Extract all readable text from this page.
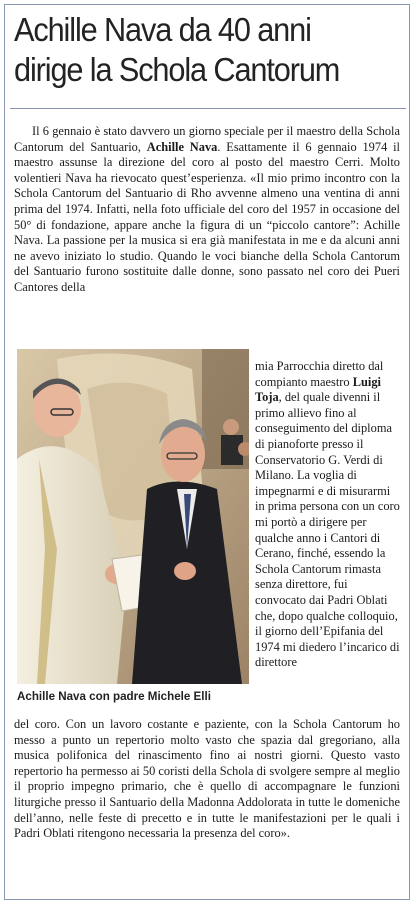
Achille Nava da 40 anni
dirige la Schola Cantorum

Il 6 gennaio è stato davvero un giorno speciale per il maestro della Schola Cantorum del Santuario, Achille Nava. Esattamente il 6 gennaio 1974 il maestro assunse la direzione del coro al posto del maestro Cerri. Molto volentieri Nava ha rievocato quest’esperienza. «Il mio primo incontro con la Schola Cantorum del Santuario di Rho avvenne almeno una ventina di anni prima del 1974. Infatti, nella foto ufficiale del coro del 1957 in occasione del 50° di fondazione, appare anche la figura di un “piccolo cantore”: Achille Nava. La passione per la musica si era già manifestata in me e da alcuni anni ne avevo iniziato lo studio. Quando le voci bianche della Schola Cantorum del Santuario furono sostituite dalle donne, sono passato nel coro dei Pueri Cantores della

Achille Nava con padre Michele Elli

mia Parrocchia diretto dal compianto maestro Luigi Toja, del quale divenni il primo allievo fino al conseguimento del diploma di pianoforte presso il Conservatorio G. Verdi di Milano. La voglia di impegnarmi e di misurarmi in prima persona con un coro mi portò a dirigere per qualche anno i Cantori di Cerano, finché, essendo la Schola Cantorum rimasta senza direttore, fui convocato dai Padri Oblati che, dopo qualche colloquio, il giorno dell’Epifania del 1974 mi diedero l’incarico di direttore

del coro. Con un lavoro costante e paziente, con la Schola Cantorum ho messo a punto un repertorio molto vasto che spazia dal gregoriano, alla musica polifonica del rinascimento fino ai nostri giorni. Questo vasto repertorio ha permesso ai 50 coristi della Schola di svolgere sempre al meglio il proprio impegno primario, che è quello di accompagnare le funzioni liturgiche presso il Santuario della Madonna Addolorata in tutte le domeniche dell’anno, nelle feste di precetto e in tutte le manifestazioni per le quali i Padri Oblati ritengono necessaria la presenza del coro».
